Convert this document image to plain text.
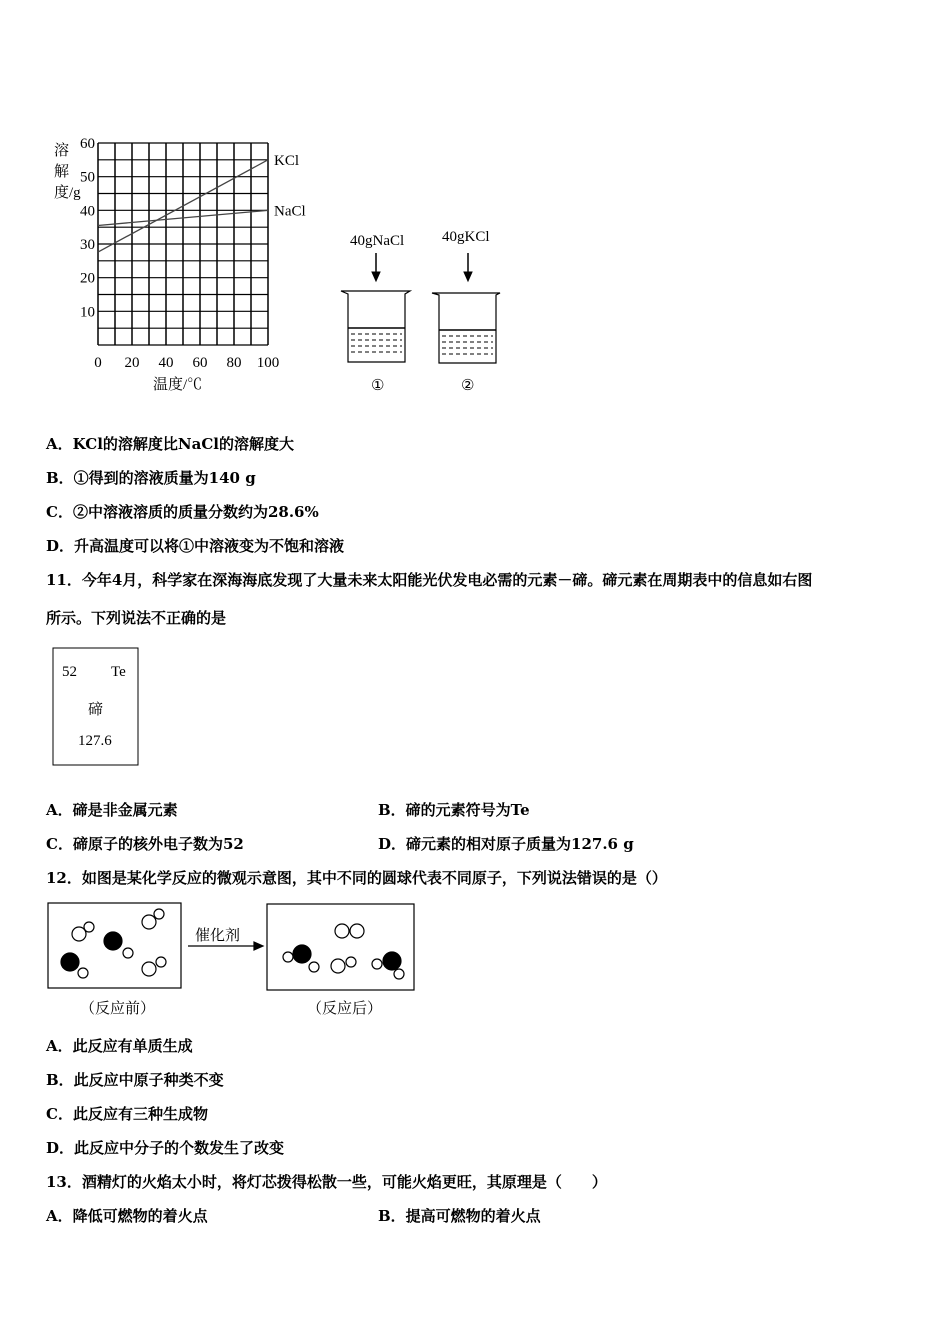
0 20 40 60 80 100
10
20
30
40
50
60
KCl
NaCl
温度/℃
40gNaCl	40gKCl
①	②
52 Te
碲
127.6
催化剂
（反应前）	（反应后）
溶解度/g
A．KCl的溶解度比NaCl的溶解度大
B．①得到的溶液质量为140 g
C．②中溶液溶质的质量分数约为28.6%
D．升高温度可以将①中溶液变为不饱和溶液
11．今年4月，科学家在深海海底发现了大量未来太阳能光伏发电必需的元素－碲。碲元素在周期表中的信息如右图
所示。下列说法不正确的是
A．碲是非金属元素	B．碲的元素符号为Te
C．碲原子的核外电子数为52	D．碲元素的相对原子质量为127.6 g
12．如图是某化学反应的微观示意图，其中不同的圆球代表不同原子，下列说法错误的是（）
A．此反应有单质生成
B．此反应中原子种类不变
C．此反应有三种生成物
D．此反应中分子的个数发生了改变
13．酒精灯的火焰太小时，将灯芯拨得松散一些，可能火焰更旺，其原理是（　　）
A．降低可燃物的着火点	B．提高可燃物的着火点
